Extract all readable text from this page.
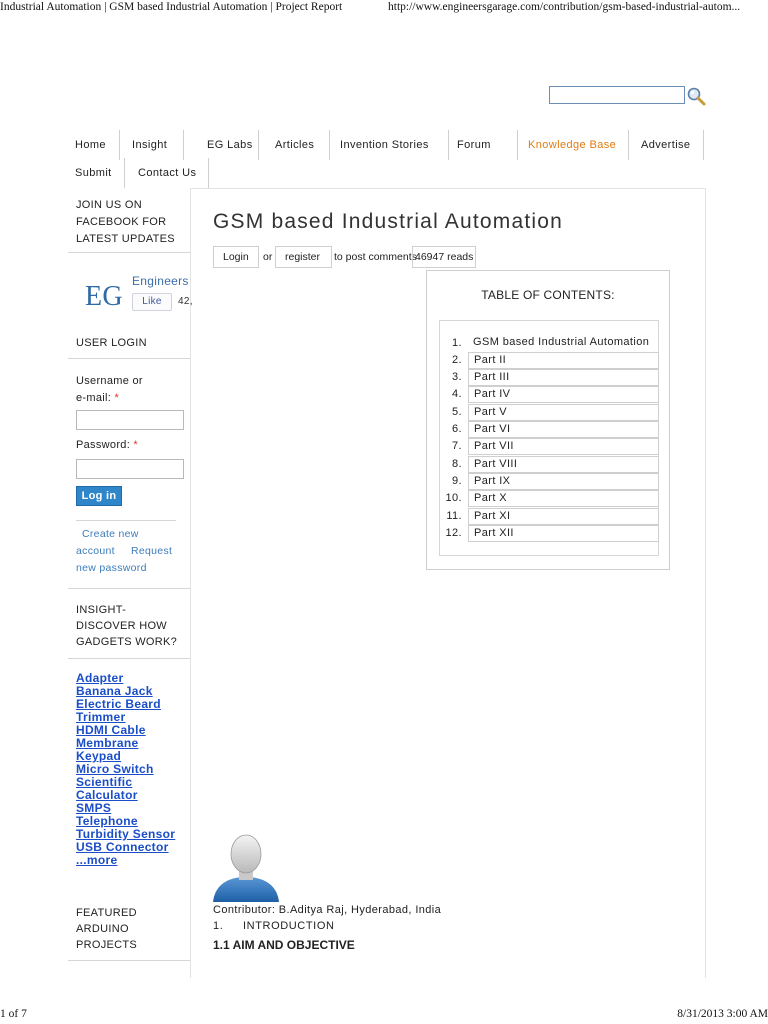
Industrial Automation | GSM based Industrial Automation | Project Report	http://www.engineersgarage.com/contribution/gsm-based-industrial-autom...
Home	Insight	EG Labs	Articles	Invention Stories	Forum	Knowledge Base	Advertise
Submit	Contact Us
JOIN US ON
FACEBOOK FOR
LATEST UPDATES
EG Engineers
Like	42,
USER LOGIN
Username or
e-mail: *
Password: *
Log in
Create new
account Request
new password
INSIGHT-
DISCOVER HOW
GADGETS WORK?
Adapter
Banana Jack
Electric Beard
Trimmer
HDMI Cable
Membrane
Keypad
Micro Switch
Scientific
Calculator
SMPS
Telephone
Turbidity Sensor
USB Connector
...more
FEATURED
ARDUINO
PROJECTS
GSM based Industrial Automation
Login	or	register	to post comments
46947 reads
TABLE OF CONTENTS:
1.	GSM based Industrial Automation
2.	Part II
3.	Part III
4.	Part IV
5.	Part V
6.	Part VI
7.	Part VII
8.	Part VIII
9.	Part IX
10.	Part X
11.	Part XI
12.	Part XII
Contributor: B.Aditya Raj, Hyderabad, India
1. INTRODUCTION
1.1 AIM AND OBJECTIVE
1 of 7	8/31/2013 3:00 AM
